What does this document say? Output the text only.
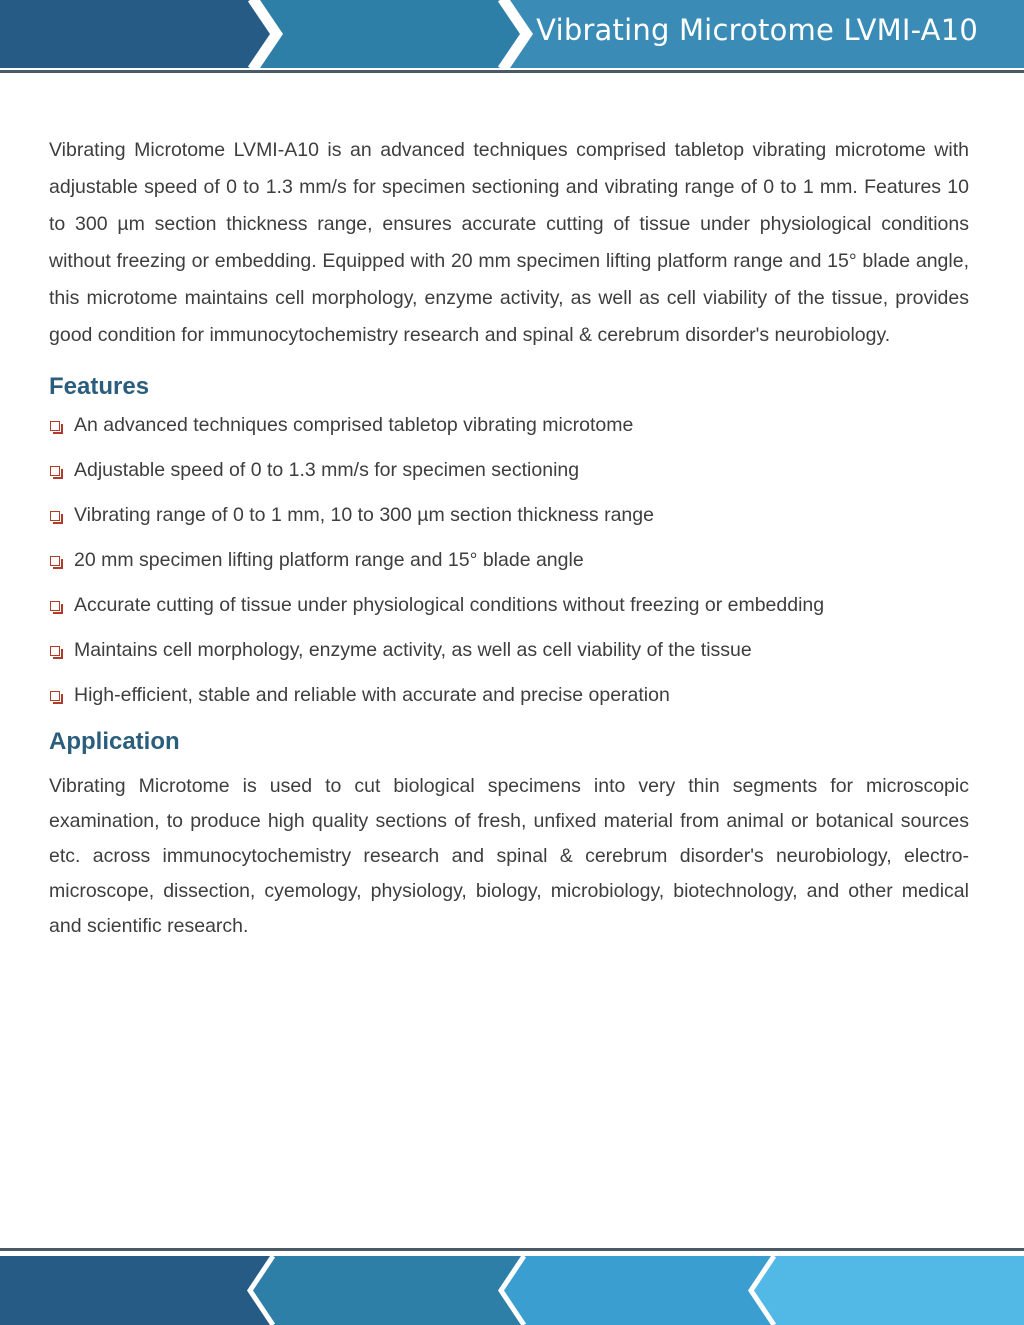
Vibrating Microtome LVMI-A10

Vibrating Microtome LVMI-A10 is an advanced techniques comprised tabletop vibrating microtome with adjustable speed of 0 to 1.3 mm/s for specimen sectioning and vibrating range of 0 to 1 mm. Features 10 to 300 µm section thickness range, ensures accurate cutting of tissue under physiological conditions without freezing or embedding. Equipped with 20 mm specimen lifting platform range and 15° blade angle, this microtome maintains cell morphology, enzyme activity, as well as cell viability of the tissue, provides good condition for immunocytochemistry research and spinal & cerebrum disorder's neurobiology.

Features
An advanced techniques comprised tabletop vibrating microtome
Adjustable speed of 0 to 1.3 mm/s for specimen sectioning
Vibrating range of 0 to 1 mm, 10 to 300 µm section thickness range
20 mm specimen lifting platform range and 15° blade angle
Accurate cutting of tissue under physiological conditions without freezing or embedding
Maintains cell morphology, enzyme activity, as well as cell viability of the tissue
High-efficient, stable and reliable with accurate and precise operation
Application

Vibrating Microtome is used to cut biological specimens into very thin segments for microscopic examination, to produce high quality sections of fresh, unfixed material from animal or botanical sources etc. across immunocytochemistry research and spinal & cerebrum disorder's neurobiology, electro-microscope, dissection, cyemology, physiology, biology, microbiology, biotechnology, and other medical and scientific research.
